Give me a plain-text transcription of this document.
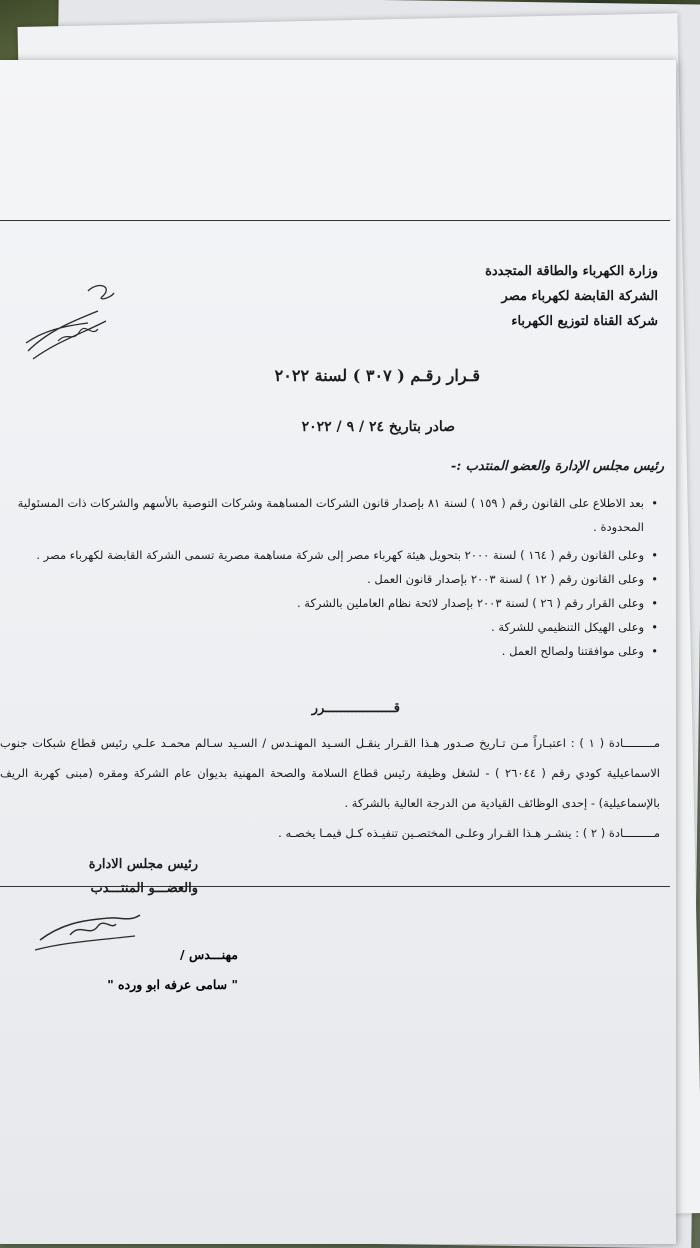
وزارة الكهرباء والطاقة المتجددة
الشركة القابضة لكهرباء مصر
شركة القناة لتوزيع الكهرباء
قـرار رقـم ( ٣٠٧ ) لسنة ٢٠٢٢
صادر بتاريخ ٢٤ / ٩ / ٢٠٢٢
رئيس مجلس الإدارة والعضو المنتدب :-
• بعد الاطلاع على القانون رقم ( ١٥٩ ) لسنة ٨١ بإصدار قانون الشركات المساهمة وشركات التوصية بالأسهم والشركات ذات المسئولية المحدودة .
• وعلى القانون رقم ( ١٦٤ ) لسنة ٢٠٠٠ بتحويل هيئة كهرباء مصر إلى شركة مساهمة مصرية تسمى الشركة القابضة لكهرباء مصر .
• وعلى القانون رقم ( ١٢ ) لسنة ٢٠٠٣ بإصدار قانون العمل .
• وعلى القرار رقم ( ٢٦ ) لسنة ٢٠٠٣ بإصدار لائحة نظام العاملين بالشركة .
• وعلى الهيكل التنظيمي للشركة .
• وعلى موافقتنا ولصالح العمل .
قــــــــــــــــــرر

مـــــــــادة ( ١ ) : اعتبـاراً مـن تـاريخ صـدور هـذا القـرار ينقـل السـيد المهنـدس / السـيد سـالم محمـد علـي رئيس قطاع شبكات جنوب الاسماعيلية كودي رقم ( ٢٦٠٤٤ ) - لشغل وظيفة رئيس قطاع السلامة والصحة المهنية بديوان عام الشركة ومقره (مبنى كهربة الريف بالإسماعيلية) - إحدى الوظائف القيادية من الدرجة العالية بالشركة .

مـــــــــادة ( ٢ ) : ينشـر هـذا القـرار وعلـى المختصـين تنفيـذه كـل فيمـا يخصـه .

رئيس مجلس الادارة
والعضـــو المنتـــدب
مهنـــدس /
" سامى عرفه ابو ورده "
